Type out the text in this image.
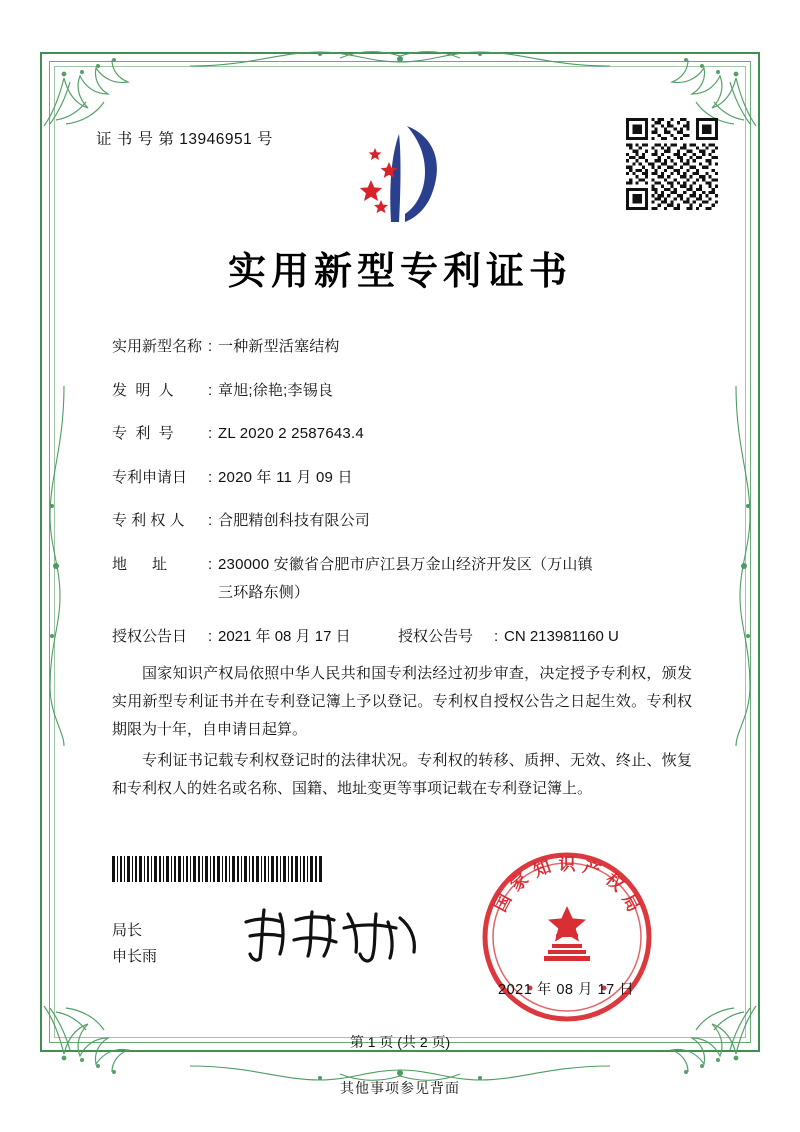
证 书 号 第 13946951 号
实用新型专利证书
实用新型名称 : 一种新型活塞结构
发  明  人	: 章旭;徐艳;李锡良
专  利  号	: ZL 2020 2 2587643.4
专利申请日	: 2020 年 11 月 09 日
专 利 权 人	: 合肥精创科技有限公司
地      址	: 230000 安徽省合肥市庐江县万金山经济开发区（万山镇
三环路东侧）
授权公告日	: 2021 年 08 月 17 日	授权公告号	: CN 213981160 U

国家知识产权局依照中华人民共和国专利法经过初步审查，决定授予专利权，颁发实用新型专利证书并在专利登记簿上予以登记。专利权自授权公告之日起生效。专利权期限为十年，自申请日起算。

专利证书记载专利权登记时的法律状况。专利权的转移、质押、无效、终止、恢复和专利权人的姓名或名称、国籍、地址变更等事项记载在专利登记簿上。

局长
申长雨
国
家
知 识 产
权
局
2021 年 08 月 17 日
第 1 页 (共 2 页)
其他事项参见背面
